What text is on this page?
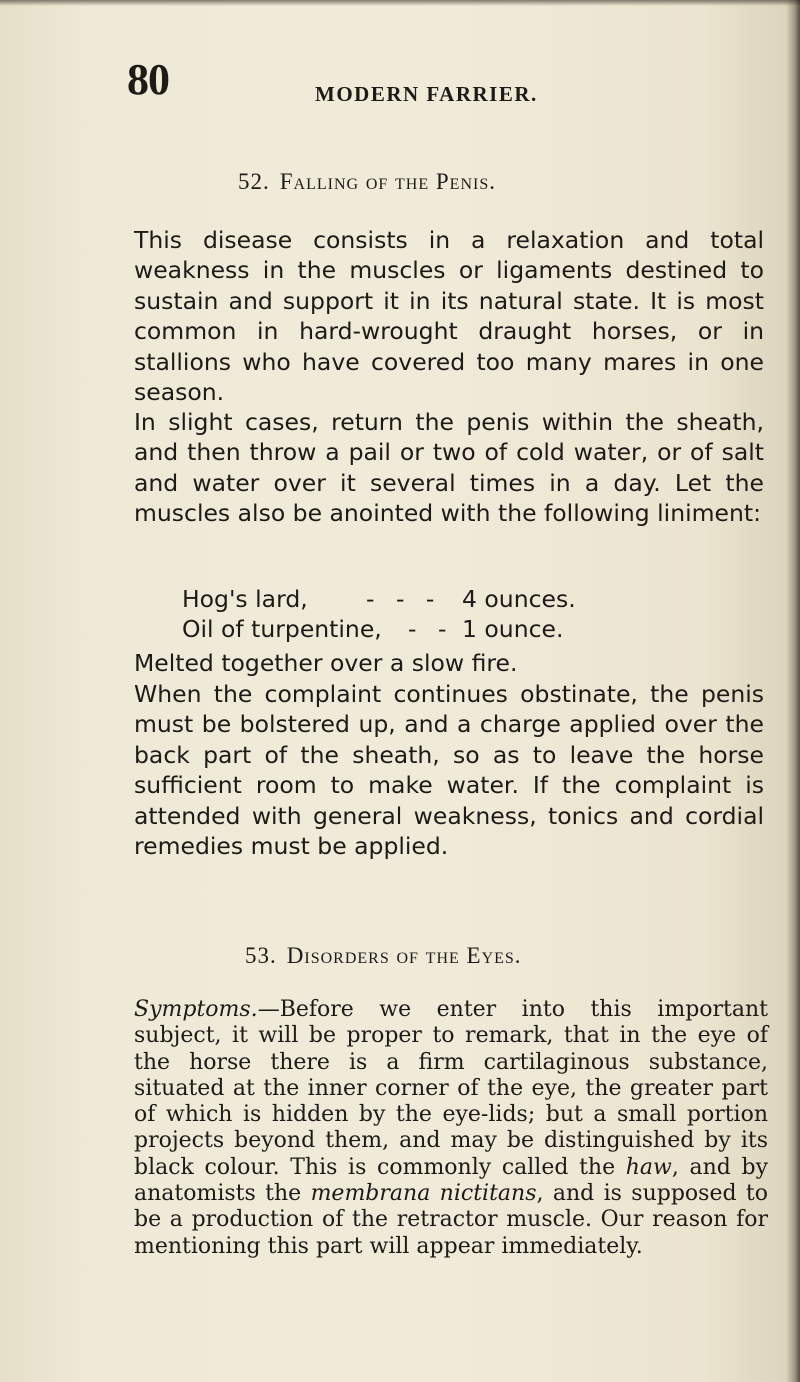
80	MODERN FARRIER.
52. Falling of the Penis.

This disease consists in a relaxation and total weakness in the muscles or ligaments destined to sustain and support it in its natural state. It is most common in hard-wrought draught horses, or in stallions who have covered too many mares in one season.

In slight cases, return the penis within the sheath, and then throw a pail or two of cold water, or of salt and water over it several times in a day. Let the muscles also be anointed with the following liniment:

Hog's lard, - - - 4 ounces.
Oil of turpentine, - - 1 ounce.

Melted together over a slow fire.

When the complaint continues obstinate, the penis must be bolstered up, and a charge applied over the back part of the sheath, so as to leave the horse sufficient room to make water. If the complaint is attended with general weakness, tonics and cordial remedies must be applied.

53. Disorders of the Eyes.

Symptoms.—Before we enter into this important subject, it will be proper to remark, that in the eye of the horse there is a firm cartilaginous substance, situated at the inner corner of the eye, the greater part of which is hidden by the eye-lids; but a small portion projects beyond them, and may be distinguished by its black colour. This is commonly called the haw, and by anatomists the membrana nictitans, and is supposed to be a production of the retractor muscle. Our reason for mentioning this part will appear immediately.
